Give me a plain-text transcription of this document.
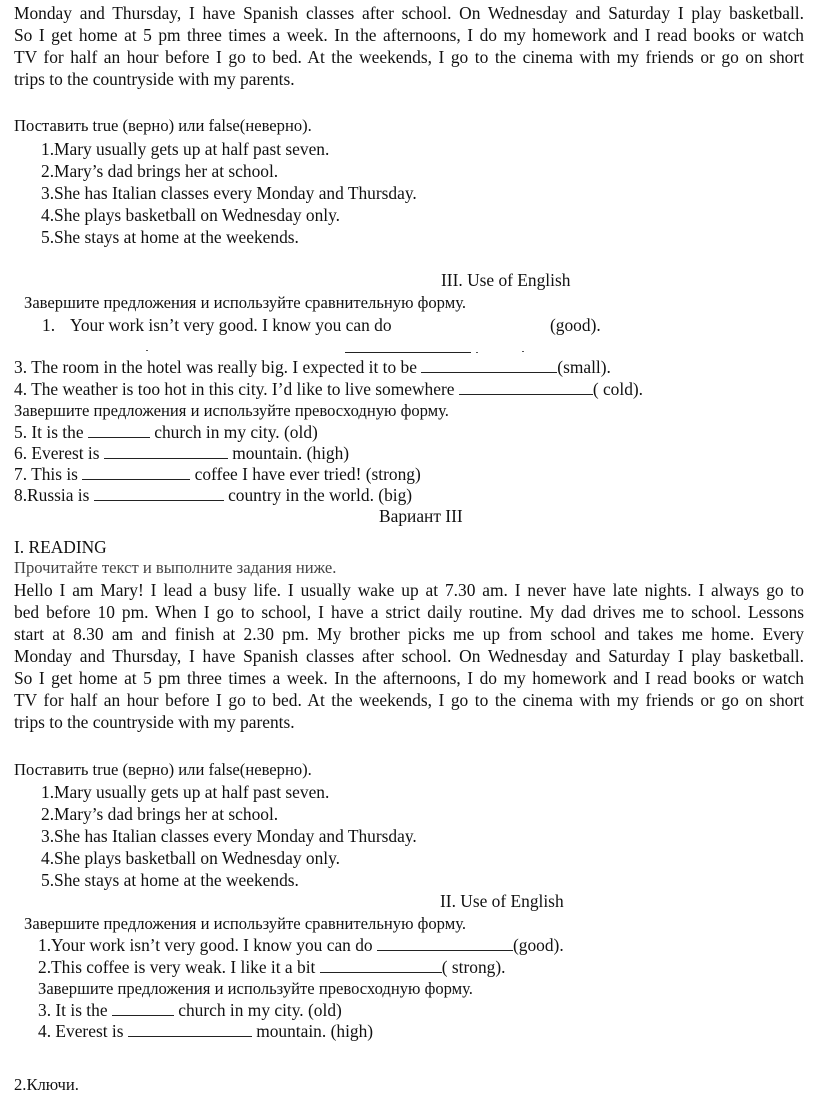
Monday and Thursday, I have Spanish classes after school. On Wednesday and Saturday I play basketball.
So I get home at 5 pm three times a week. In the afternoons, I do my homework and I read books or watch
TV for half an hour before I go to bed. At the weekends, I go to the cinema with my friends or go on short
trips to the countryside with my parents.
Поставить true (верно) или false(неверно).
1.Mary usually gets up at half past seven.
2.Mary’s dad brings her at school.
3.She has Italian classes every Monday and Thursday.
4.She plays basketball on Wednesday only.
5.She stays at home at the weekends.
III. Use of English
Завершите предложения и используйте сравнительную форму.
1. Your work isn’t very good. I know you can do	(good).
3. The room in the hotel was really big. I expected it to be	(small).
4. The weather is too hot in this city. I’d like to live somewhere	( cold).
Завершите предложения и используйте превосходную форму.
5. It is the	church in my city. (old)
6. Everest is	mountain. (high)
7. This is	coffee I have ever tried! (strong)
8.Russia is	country in the world. (big)
Вариант III
I. READING
Прочитайте текст и выполните задания ниже.
Hello I am Mary! I lead a busy life. I usually wake up at 7.30 am. I never have late nights. I always go to
bed before 10 pm. When I go to school, I have a strict daily routine. My dad drives me to school. Lessons
start at 8.30 am and finish at 2.30 pm. My brother picks me up from school and takes me home. Every
Monday and Thursday, I have Spanish classes after school. On Wednesday and Saturday I play basketball.
So I get home at 5 pm three times a week. In the afternoons, I do my homework and I read books or watch
TV for half an hour before I go to bed. At the weekends, I go to the cinema with my friends or go on short
trips to the countryside with my parents.
Поставить true (верно) или false(неверно).
1.Mary usually gets up at half past seven.
2.Mary’s dad brings her at school.
3.She has Italian classes every Monday and Thursday.
4.She plays basketball on Wednesday only.
5.She stays at home at the weekends.
II. Use of English
Завершите предложения и используйте сравнительную форму.
1.Your work isn’t very good. I know you can do	(good).
2.This coffee is very weak. I like it a bit	( strong).
Завершите предложения и используйте превосходную форму.
3. It is the	church in my city. (old)
4. Everest is	mountain. (high)
2.Ключи.
